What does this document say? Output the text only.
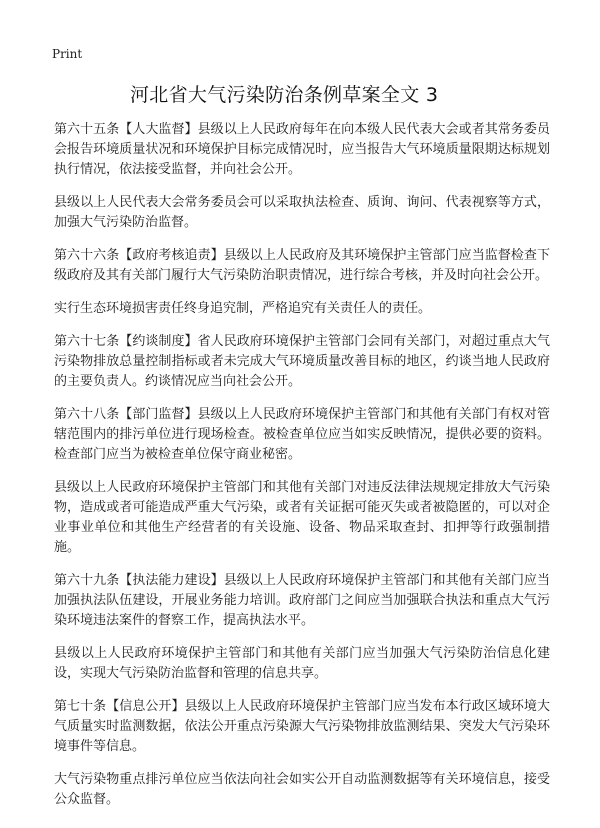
Print
河北省大气污染防治条例草案全文 3

第六十五条【人大监督】县级以上人民政府每年在向本级人民代表大会或者其常务委员会报告环境质量状况和环境保护目标完成情况时，应当报告大气环境质量限期达标规划执行情况，依法接受监督，并向社会公开。

县级以上人民代表大会常务委员会可以采取执法检查、质询、询问、代表视察等方式，加强大气污染防治监督。

第六十六条【政府考核追责】县级以上人民政府及其环境保护主管部门应当监督检查下级政府及其有关部门履行大气污染防治职责情况，进行综合考核，并及时向社会公开。

实行生态环境损害责任终身追究制，严格追究有关责任人的责任。

第六十七条【约谈制度】省人民政府环境保护主管部门会同有关部门，对超过重点大气污染物排放总量控制指标或者未完成大气环境质量改善目标的地区，约谈当地人民政府的主要负责人。约谈情况应当向社会公开。

第六十八条【部门监督】县级以上人民政府环境保护主管部门和其他有关部门有权对管辖范围内的排污单位进行现场检查。被检查单位应当如实反映情况，提供必要的资料。检查部门应当为被检查单位保守商业秘密。

县级以上人民政府环境保护主管部门和其他有关部门对违反法律法规规定排放大气污染物，造成或者可能造成严重大气污染，或者有关证据可能灭失或者被隐匿的，可以对企业事业单位和其他生产经营者的有关设施、设备、物品采取查封、扣押等行政强制措施。

第六十九条【执法能力建设】县级以上人民政府环境保护主管部门和其他有关部门应当加强执法队伍建设，开展业务能力培训。政府部门之间应当加强联合执法和重点大气污染环境违法案件的督察工作，提高执法水平。

县级以上人民政府环境保护主管部门和其他有关部门应当加强大气污染防治信息化建设，实现大气污染防治监督和管理的信息共享。

第七十条【信息公开】县级以上人民政府环境保护主管部门应当发布本行政区域环境大气质量实时监测数据，依法公开重点污染源大气污染物排放监测结果、突发大气污染环境事件等信息。

大气污染物重点排污单位应当依法向社会如实公开自动监测数据等有关环境信息，接受公众监督。
